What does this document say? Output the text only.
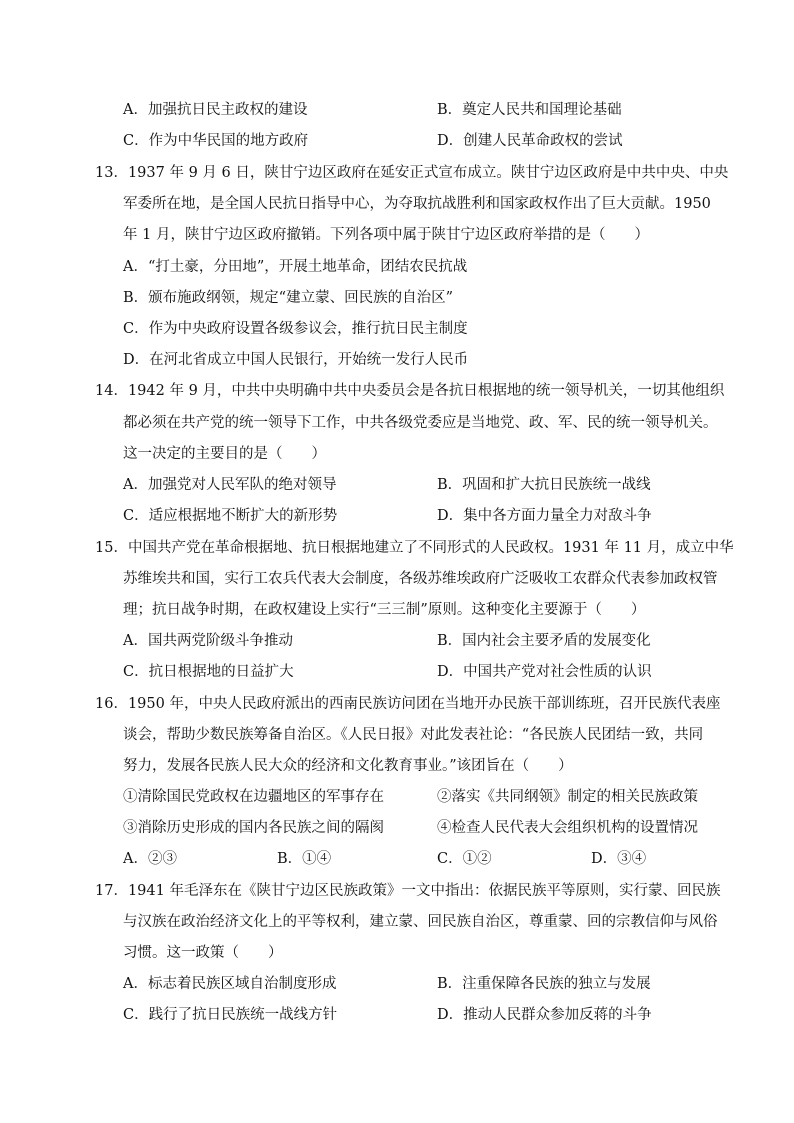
A．加强抗日民主政权的建设	B．奠定人民共和国理论基础
C．作为中华民国的地方政府	D．创建人民革命政权的尝试
13．1937 年 9 月 6 日，陕甘宁边区政府在延安正式宣布成立。陕甘宁边区政府是中共中央、中央
军委所在地，是全国人民抗日指导中心，为夺取抗战胜利和国家政权作出了巨大贡献。1950
年 1 月，陕甘宁边区政府撤销。下列各项中属于陕甘宁边区政府举措的是（　　）
A．“打土豪，分田地”，开展土地革命，团结农民抗战
B．颁布施政纲领，规定“建立蒙、回民族的自治区”
C．作为中央政府设置各级参议会，推行抗日民主制度
D．在河北省成立中国人民银行，开始统一发行人民币
14．1942 年 9 月，中共中央明确中共中央委员会是各抗日根据地的统一领导机关，一切其他组织
都必须在共产党的统一领导下工作，中共各级党委应是当地党、政、军、民的统一领导机关。
这一决定的主要目的是（　　）
A．加强党对人民军队的绝对领导	B．巩固和扩大抗日民族统一战线
C．适应根据地不断扩大的新形势	D．集中各方面力量全力对敌斗争
15．中国共产党在革命根据地、抗日根据地建立了不同形式的人民政权。1931 年 11 月，成立中华
苏维埃共和国，实行工农兵代表大会制度，各级苏维埃政府广泛吸收工农群众代表参加政权管
理；抗日战争时期，在政权建设上实行“三三制”原则。这种变化主要源于（　　）
A．国共两党阶级斗争推动	B．国内社会主要矛盾的发展变化
C．抗日根据地的日益扩大	D．中国共产党对社会性质的认识
16．1950 年，中央人民政府派出的西南民族访问团在当地开办民族干部训练班，召开民族代表座
谈会，帮助少数民族筹备自治区。《人民日报》对此发表社论：“各民族人民团结一致，共同
努力，发展各民族人民大众的经济和文化教育事业。”该团旨在（　　）
①清除国民党政权在边疆地区的军事存在	②落实《共同纲领》制定的相关民族政策
③消除历史形成的国内各民族之间的隔阂	④检查人民代表大会组织机构的设置情况
A．②③	B．①④	C．①②	D．③④
17．1941 年毛泽东在《陕甘宁边区民族政策》一文中指出：依据民族平等原则，实行蒙、回民族
与汉族在政治经济文化上的平等权利，建立蒙、回民族自治区，尊重蒙、回的宗教信仰与风俗
习惯。这一政策（　　）
A．标志着民族区域自治制度形成	B．注重保障各民族的独立与发展
C．践行了抗日民族统一战线方针	D．推动人民群众参加反蒋的斗争
